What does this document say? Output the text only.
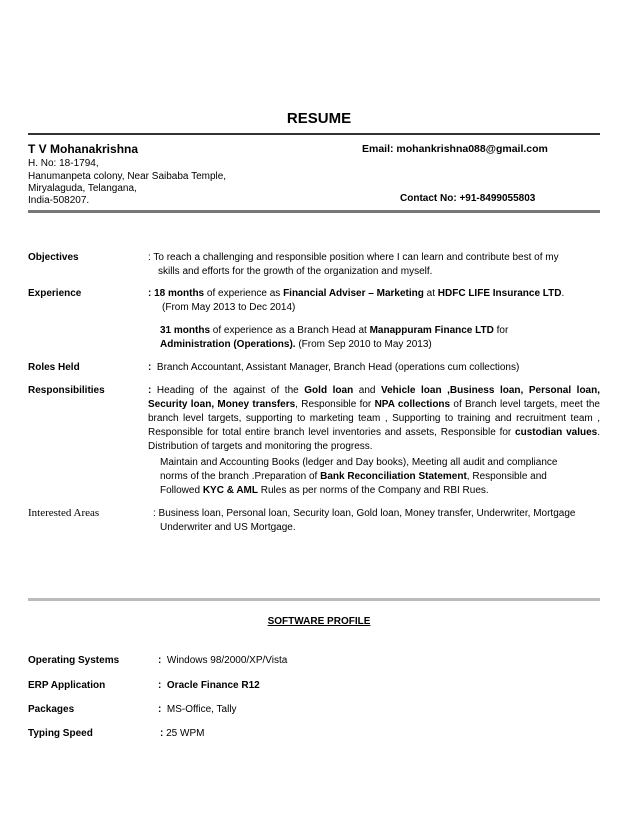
RESUME
T V Mohanakrishna	Email: mohankrishna088@gmail.com
H. No: 18-1794,
Hanumanpeta colony, Near Saibaba Temple,
Miryalaguda, Telangana,
India-508207.	Contact No: +91-8499055803
Objectives	: To reach a challenging and responsible position where I can learn and contribute best of my
skills and efforts for the growth of the organization and myself.
Experience	: 18 months of experience as Financial Adviser – Marketing at HDFC LIFE Insurance LTD.
(From May 2013 to Dec 2014)
31 months of experience as a Branch Head at Manappuram Finance LTD for
Administration (Operations). (From Sep 2010 to May 2013)
Roles Held	: Branch Accountant, Assistant Manager, Branch Head (operations cum collections)
Responsibilities	: Heading of the against of the Gold loan and Vehicle loan ,Business loan, Personal loan, Security loan, Money transfers, Responsible for NPA collections of Branch level targets, meet the branch level targets, supporting to marketing team , Supporting to training and recruitment team , Responsible for total entire branch level inventories and assets, Responsible for custodian values. Distribution of targets and monitoring the progress.
Maintain and Accounting Books (ledger and Day books), Meeting all audit and compliance
norms of the branch .Preparation of Bank Reconciliation Statement, Responsible and
Followed KYC & AML Rules as per norms of the Company and RBI Rues.
Interested Areas	: Business loan, Personal loan, Security loan, Gold loan, Money transfer, Underwriter, Mortgage
Underwriter and US Mortgage.
SOFTWARE PROFILE
Operating Systems	: Windows 98/2000/XP/Vista
ERP Application	: Oracle Finance R12
Packages	: MS-Office, Tally
Typing Speed	: 25 WPM
